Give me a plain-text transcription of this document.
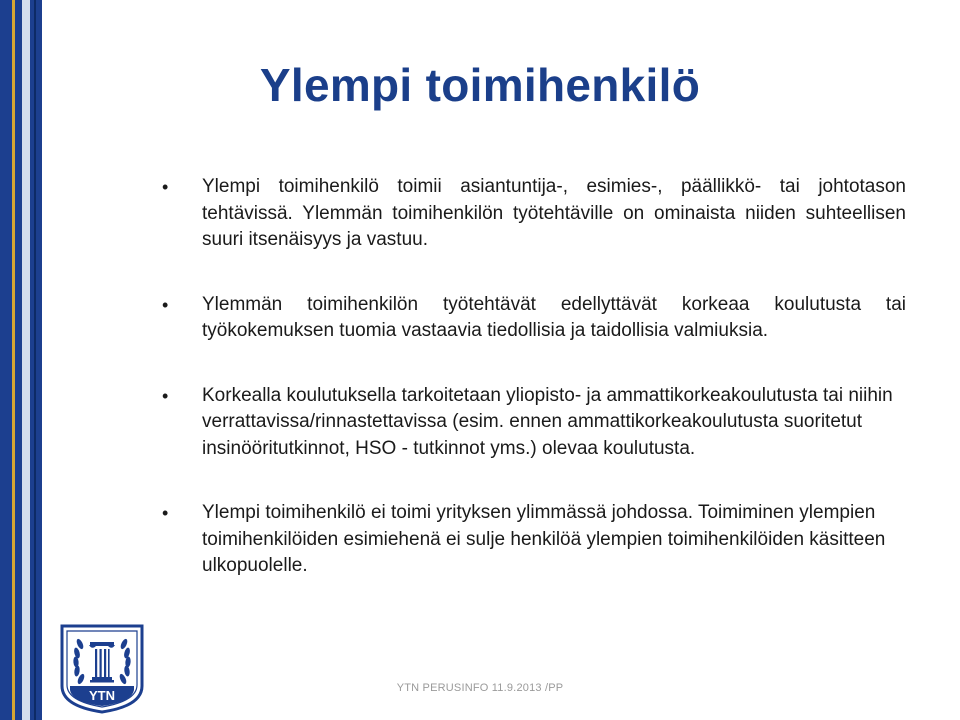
Ylempi toimihenkilö
• Ylempi toimihenkilö toimii asiantuntija-, esimies-, päällikkö- tai johtotason tehtävissä. Ylemmän toimihenkilön työtehtäville on ominaista niiden suhteellisen suuri itsenäisyys ja vastuu.
• Ylemmän toimihenkilön työtehtävät edellyttävät korkeaa koulutusta tai työkokemuksen tuomia vastaavia tiedollisia ja taidollisia valmiuksia.
• Korkealla koulutuksella tarkoitetaan yliopisto- ja ammattikorkeakoulutusta tai niihin verrattavissa/rinnastettavissa (esim. ennen ammattikorkeakoulutusta suoritetut insinööritutkinnot, HSO - tutkinnot yms.) olevaa koulutusta.
• Ylempi toimihenkilö ei toimi yrityksen ylimmässä johdossa. Toimiminen ylempien toimihenkilöiden esimiehenä ei sulje henkilöä ylempien toimihenkilöiden käsitteen ulkopuolelle.
YTN	YTN PERUSINFO 11.9.2013 /PP
